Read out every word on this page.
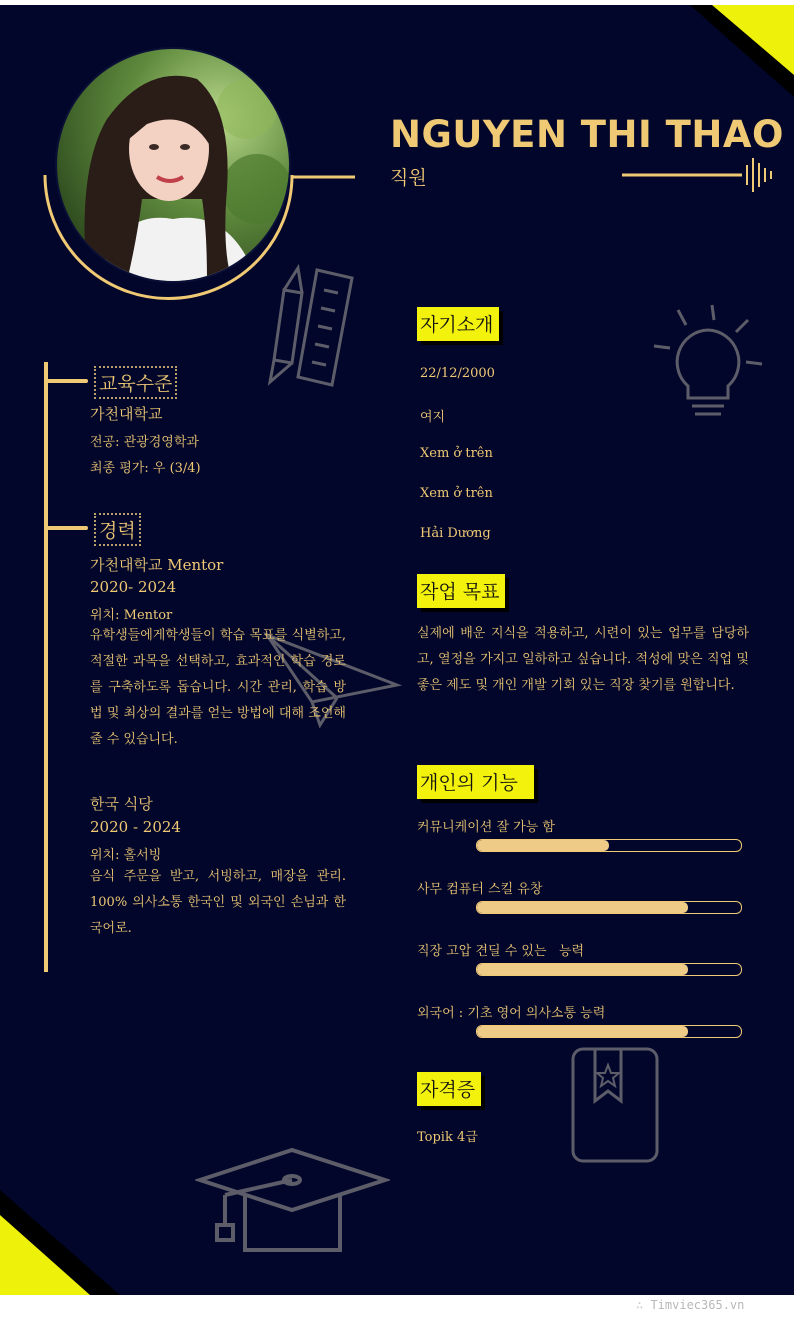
NGUYEN THI THAO
직원
교육수준
가천대학교
전공: 관광경영학과
최종 평가: 우 (3/4)
경력
가천대학교 Mentor
2020- 2024
위치: Mentor
유학생들에게학생들이 학습 목표를 식별하고, 적절한 과목을 선택하고, 효과적인 학습 경로를 구축하도록 돕습니다. 시간 관리, 학습 방법 및 최상의 결과를 얻는 방법에 대해 조언해 줄 수 있습니다.
한국 식당
2020 - 2024
위치: 홀서빙
음식 주문을 받고, 서빙하고, 매장을 관리. 100% 의사소통 한국인 및 외국인 손님과 한국어로.
자기소개
22/12/2000
여지
Xem ở trên
Xem ở trên
Hải Dương
작업 목표
실제에 배운 지식을 적용하고, 시련이 있는 업무를 담당하고, 열정을 가지고 일하하고 싶습니다. 적성에 맞은 직업 및 좋은 제도 및 개인 개발 기회 있는 직장 찾기를 원합니다.
개인의 기능
커뮤니케이션 잘 가능 함
사무 컴퓨터 스킬 유창
직장 고압 견딜 수 있는   능력
외국어 : 기초 영어 의사소통 능력
자격증
Topik 4급
∴ Timviec365.vn
